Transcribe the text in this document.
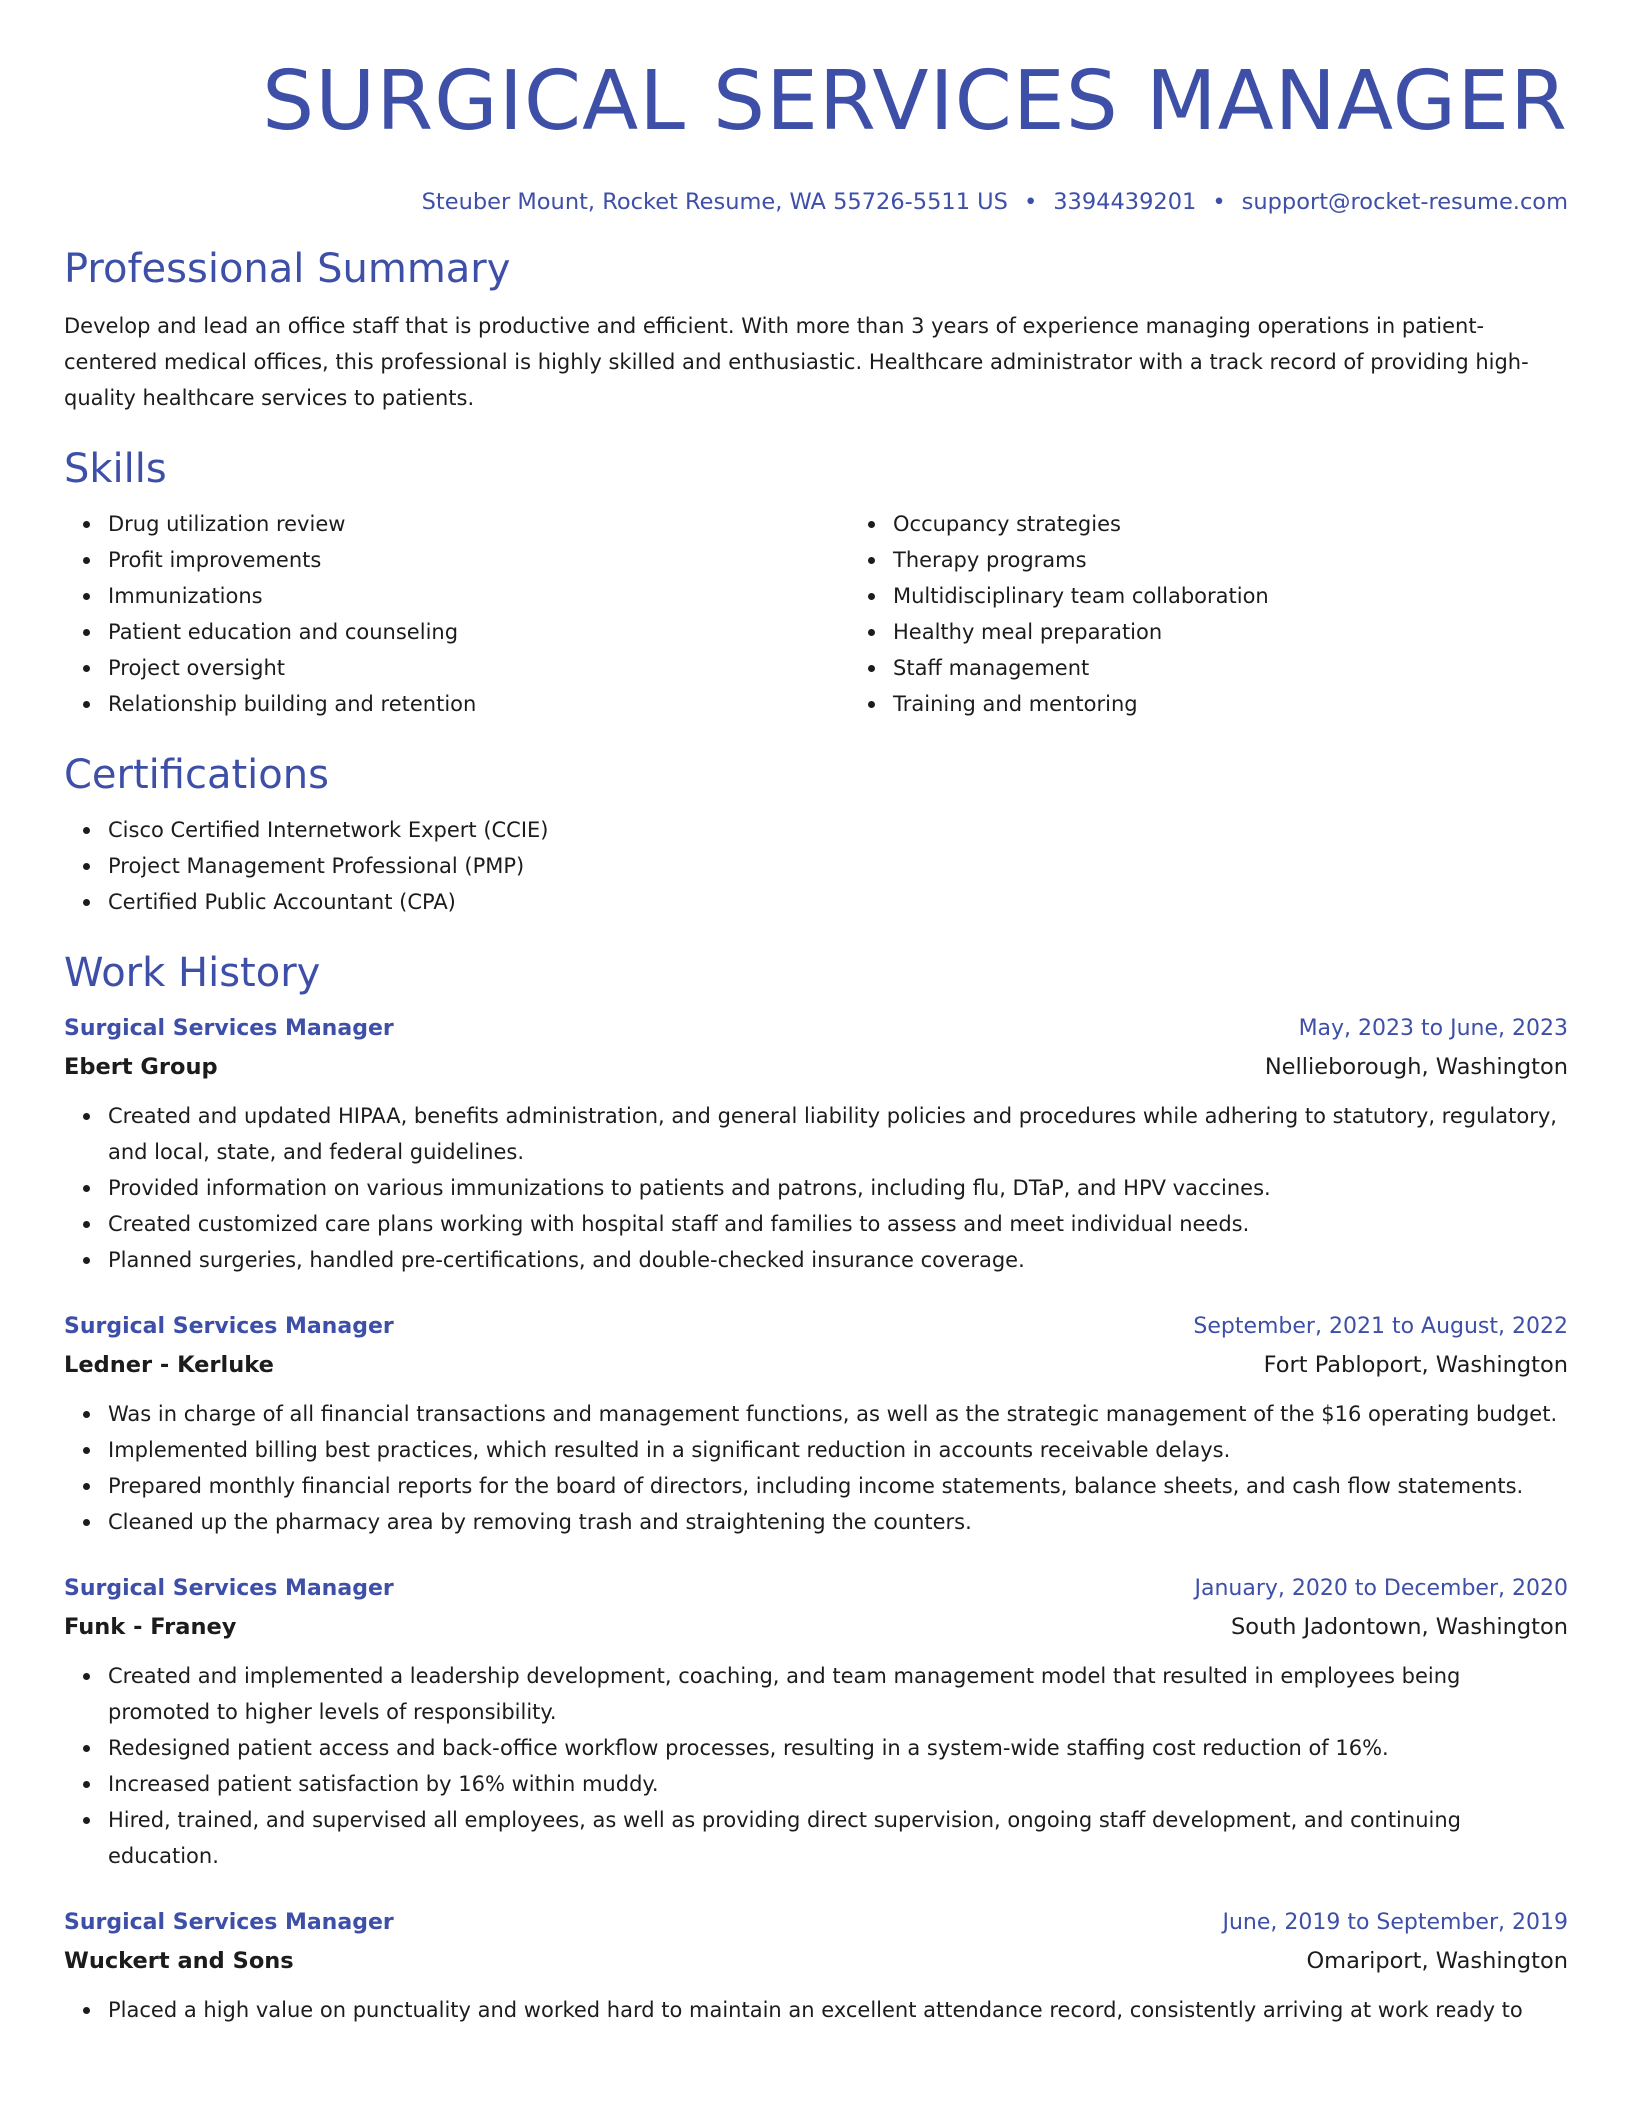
SURGICAL SERVICES MANAGER
Steuber Mount, Rocket Resume, WA 55726-5511 US • 3394439201 • support@rocket-resume.com
Professional Summary

Develop and lead an office staff that is productive and efficient. With more than 3 years of experience managing operations in patient-centered medical offices, this professional is highly skilled and enthusiastic. Healthcare administrator with a track record of providing high-quality healthcare services to patients.

Skills
Drug utilization review
Profit improvements
Immunizations
Patient education and counseling
Project oversight
Relationship building and retention
Occupancy strategies
Therapy programs
Multidisciplinary team collaboration
Healthy meal preparation
Staff management
Training and mentoring
Certifications
Cisco Certified Internetwork Expert (CCIE)
Project Management Professional (PMP)
Certified Public Accountant (CPA)
Work History
Surgical Services Manager	May, 2023 to June, 2023
Ebert Group	Nellieborough, Washington
Created and updated HIPAA, benefits administration, and general liability policies and procedures while adhering to statutory, regulatory, and local, state, and federal guidelines.
Provided information on various immunizations to patients and patrons, including flu, DTaP, and HPV vaccines.
Created customized care plans working with hospital staff and families to assess and meet individual needs.
Planned surgeries, handled pre-certifications, and double-checked insurance coverage.
Surgical Services Manager	September, 2021 to August, 2022
Ledner - Kerluke	Fort Pabloport, Washington
Was in charge of all financial transactions and management functions, as well as the strategic management of the $16 operating budget.
Implemented billing best practices, which resulted in a significant reduction in accounts receivable delays.
Prepared monthly financial reports for the board of directors, including income statements, balance sheets, and cash flow statements.
Cleaned up the pharmacy area by removing trash and straightening the counters.
Surgical Services Manager	January, 2020 to December, 2020
Funk - Franey	South Jadontown, Washington
Created and implemented a leadership development, coaching, and team management model that resulted in employees being promoted to higher levels of responsibility.
Redesigned patient access and back-office workflow processes, resulting in a system-wide staffing cost reduction of 16%.
Increased patient satisfaction by 16% within muddy.
Hired, trained, and supervised all employees, as well as providing direct supervision, ongoing staff development, and continuing education.
Surgical Services Manager	June, 2019 to September, 2019
Wuckert and Sons	Omariport, Washington
Placed a high value on punctuality and worked hard to maintain an excellent attendance record, consistently arriving at work ready to
